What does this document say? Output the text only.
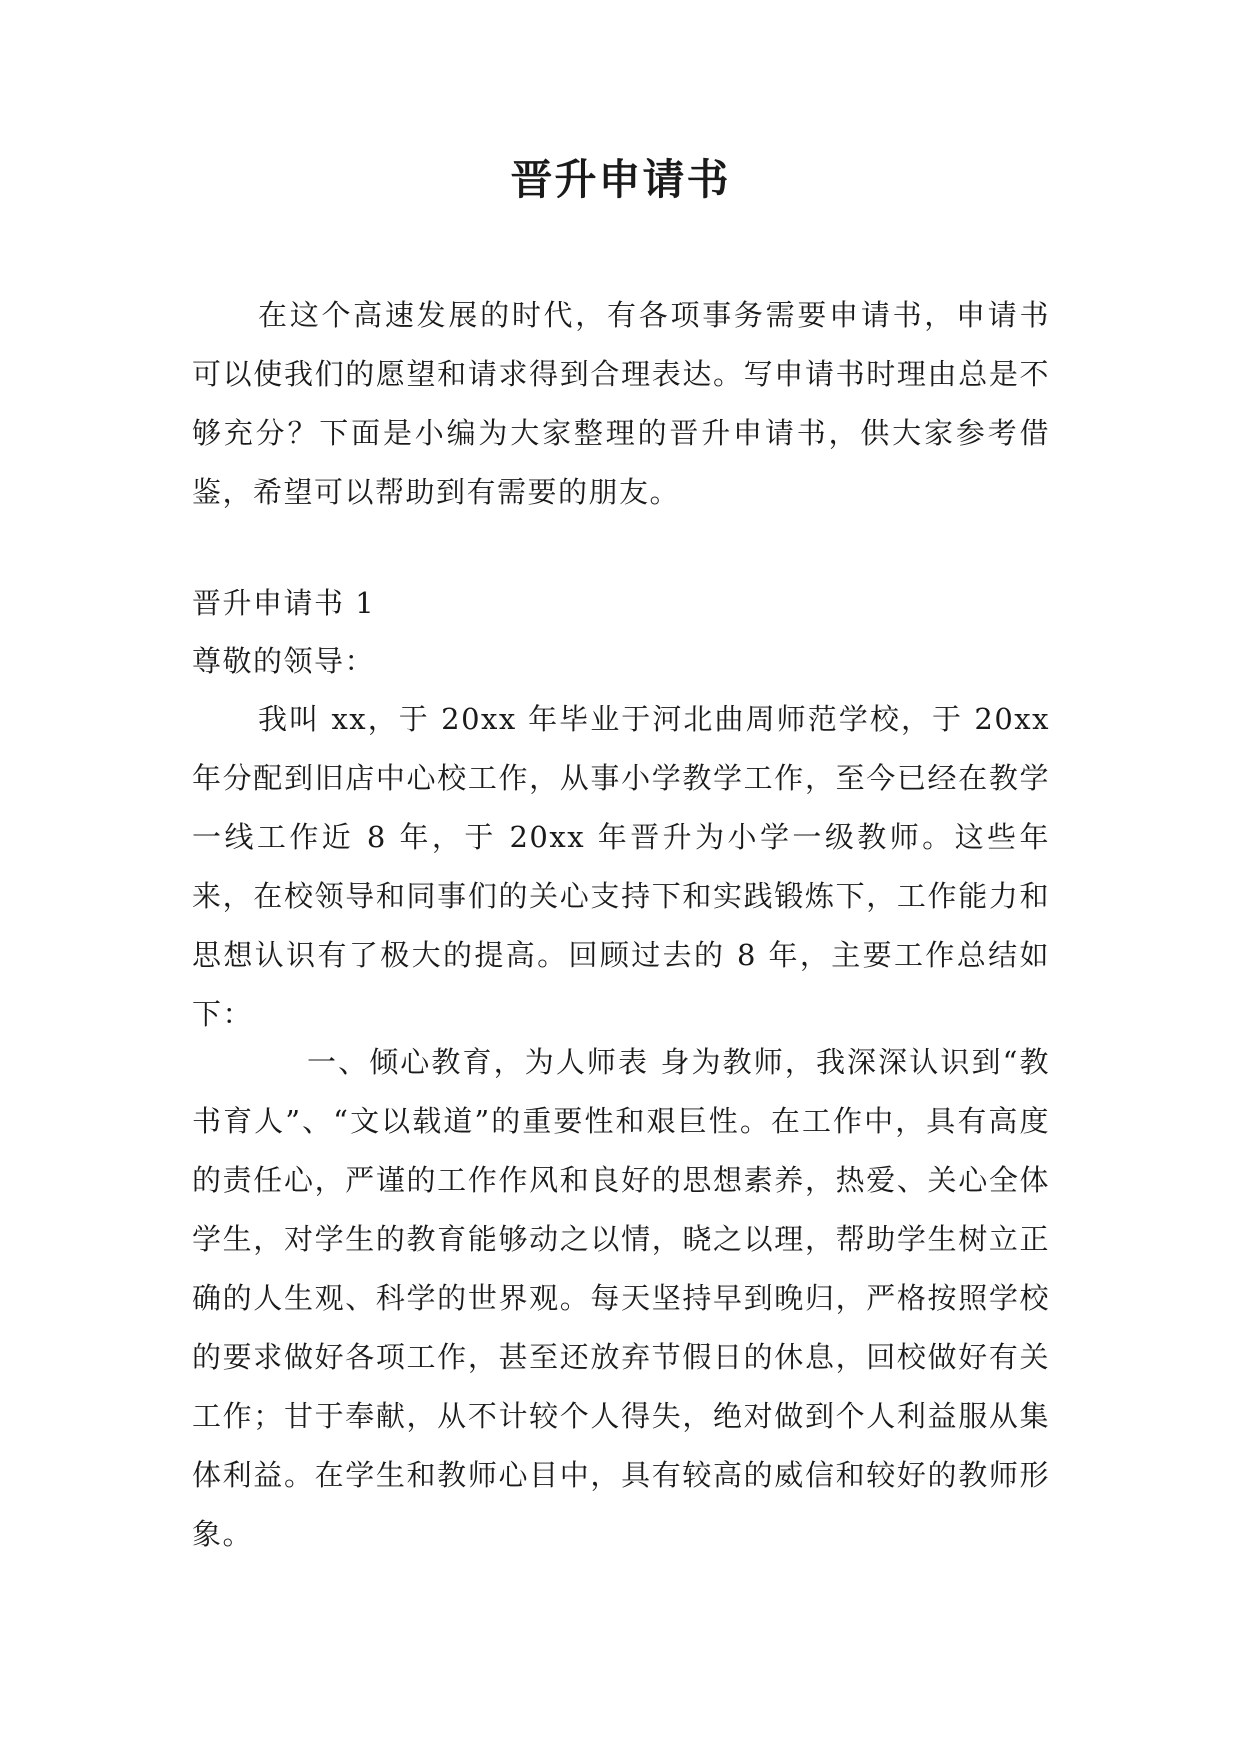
晋升申请书

在这个高速发展的时代，有各项事务需要申请书，申请书可以使我们的愿望和请求得到合理表达。写申请书时理由总是不够充分？下面是小编为大家整理的晋升申请书，供大家参考借鉴，希望可以帮助到有需要的朋友。

晋升申请书 1

尊敬的领导：

我叫 xx，于 20xx 年毕业于河北曲周师范学校，于 20xx 年分配到旧店中心校工作，从事小学教学工作，至今已经在教学一线工作近 8 年，于 20xx 年晋升为小学一级教师。这些年来，在校领导和同事们的关心支持下和实践锻炼下，工作能力和思想认识有了极大的提高。回顾过去的 8 年，主要工作总结如下：

一、倾心教育，为人师表 身为教师，我深深认识到“教书育人”、“文以载道”的重要性和艰巨性。在工作中，具有高度的责任心，严谨的工作作风和良好的思想素养，热爱、关心全体学生，对学生的教育能够动之以情，晓之以理，帮助学生树立正确的人生观、科学的世界观。每天坚持早到晚归，严格按照学校的要求做好各项工作，甚至还放弃节假日的休息，回校做好有关工作；甘于奉献，从不计较个人得失，绝对做到个人利益服从集体利益。在学生和教师心目中，具有较高的威信和较好的教师形象。
